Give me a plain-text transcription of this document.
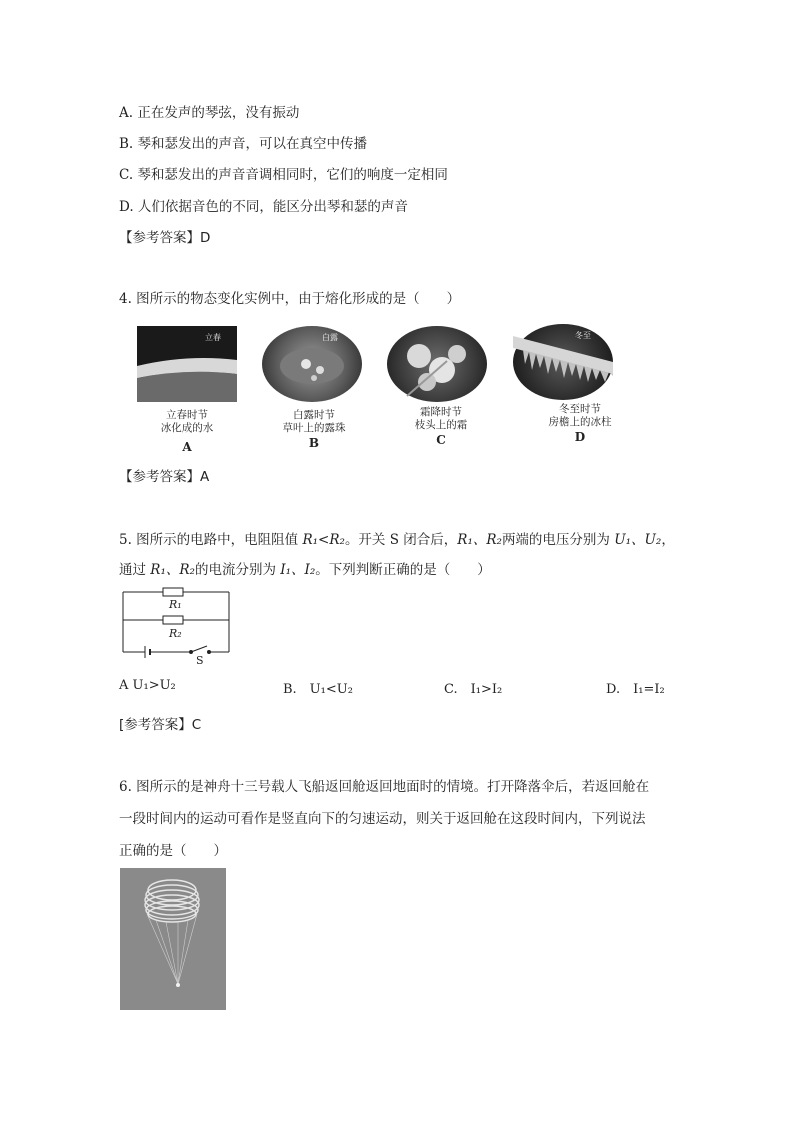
A. 正在发声的琴弦，没有振动
B. 琴和瑟发出的声音，可以在真空中传播
C. 琴和瑟发出的声音音调相同时，它们的响度一定相同
D. 人们依据音色的不同，能区分出琴和瑟的声音
【参考答案】D
4. 图所示的物态变化实例中，由于熔化形成的是（　　）
立春
立春时节
冰化成的水
A
白露
白露时节
草叶上的露珠
B
霜降时节
枝头上的霜
C
冬至
冬至时节
房檐上的冰柱
D
【参考答案】A
5. 图所示的电路中，电阻阻值 R₁<R₂。开关 S 闭合后，R₁、R₂两端的电压分别为 U₁、U₂，
通过 R₁、R₂的电流分别为 I₁、I₂。下列判断正确的是（　　）
R₁
R₂
S
A U₁>U₂	B.　U₁<U₂	C.　I₁>I₂	D.　I₁=I₂
[参考答案】C
6. 图所示的是神舟十三号载人飞船返回舱返回地面时的情境。打开降落伞后，若返回舱在
一段时间内的运动可看作是竖直向下的匀速运动，则关于返回舱在这段时间内，下列说法
正确的是（　　）
